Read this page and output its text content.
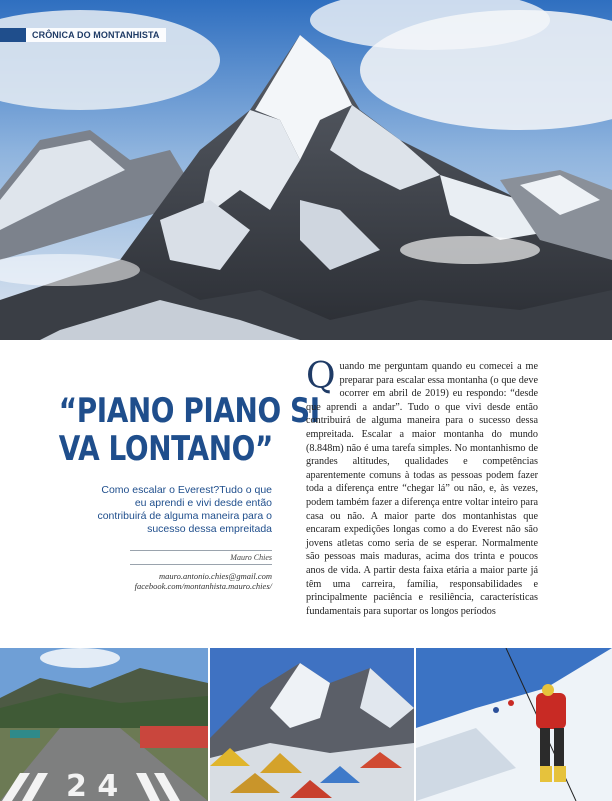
CRÔNICA DO MONTANHISTA
“PIANO PIANO SI
VA LONTANO”
Como escalar o Everest?Tudo o que eu aprendi e vivi desde então contribuirá de alguma maneira para o sucesso dessa empreitada
Mauro Chies
mauro.antonio.chies@gmail.com
facebook.com/montanhista.mauro.chies/
Quando me perguntam quando eu comecei a me preparar para escalar essa montanha (o que deve ocorrer em abril de 2019) eu respondo: “desde que aprendi a andar”. Tudo o que vivi desde então contribuirá de alguma maneira para o sucesso dessa empreitada. Escalar a maior montanha do mundo (8.848m) não é uma tarefa simples. No montanhismo de grandes altitudes, qualidades e competências aparentemente comuns à todas as pessoas podem fazer toda a diferença entre “chegar lá” ou não, e, às vezes, podem também fazer a diferença entre voltar inteiro para casa ou não. A maior parte dos montanhistas que encaram expedições longas como a do Everest não são jovens atletas como seria de se esperar. Normalmente são pessoas mais maduras, acima dos trinta e poucos anos de vida. A partir desta faixa etária a maior parte já têm uma carreira, família, responsabilidades e principalmente paciência e resiliência, características fundamentais para suportar os longos períodos
2 4
